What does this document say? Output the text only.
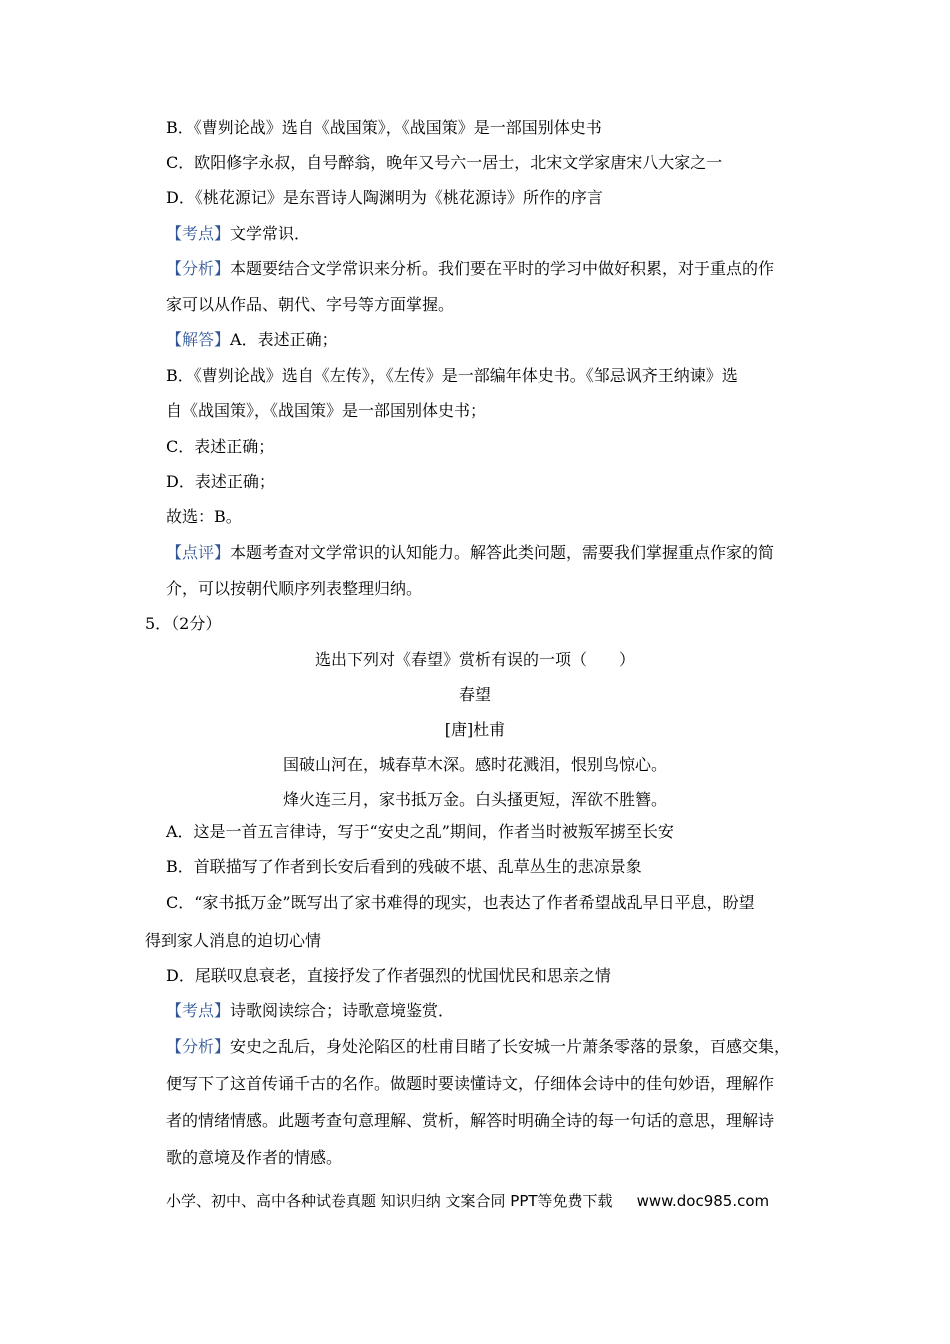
B．《曹刿论战》选自《战国策》，《战国策》是一部国别体史书
C．欧阳修字永叔，自号醉翁，晚年又号六一居士，北宋文学家唐宋八大家之一
D．《桃花源记》是东晋诗人陶渊明为《桃花源诗》所作的序言
【考点】文学常识．
【分析】本题要结合文学常识来分析。我们要在平时的学习中做好积累，对于重点的作
家可以从作品、朝代、字号等方面掌握。
【解答】A．表述正确；
B．《曹刿论战》选自《左传》，《左传》是一部编年体史书。《邹忌讽齐王纳谏》选
自《战国策》，《战国策》是一部国别体史书；
C．表述正确；
D．表述正确；
故选：B。
【点评】本题考查对文学常识的认知能力。解答此类问题，需要我们掌握重点作家的简
介，可以按朝代顺序列表整理归纳。
5．（2分）
选出下列对《春望》赏析有误的一项（　　）
春望
[唐]杜甫
国破山河在，城春草木深。感时花溅泪，恨别鸟惊心。
烽火连三月，家书抵万金。白头搔更短，浑欲不胜簪。
A．这是一首五言律诗，写于“安史之乱”期间，作者当时被叛军掳至长安
B．首联描写了作者到长安后看到的残破不堪、乱草丛生的悲凉景象
C．“家书抵万金”既写出了家书难得的现实，也表达了作者希望战乱早日平息，盼望
得到家人消息的迫切心情
D．尾联叹息衰老，直接抒发了作者强烈的忧国忧民和思亲之情
【考点】诗歌阅读综合；诗歌意境鉴赏．
【分析】安史之乱后，身处沦陷区的杜甫目睹了长安城一片萧条零落的景象，百感交集，
便写下了这首传诵千古的名作。做题时要读懂诗文，仔细体会诗中的佳句妙语，理解作
者的情绪情感。此题考查句意理解、赏析，解答时明确全诗的每一句话的意思，理解诗
歌的意境及作者的情感。
小学、初中、高中各种试卷真题 知识归纳 文案合同 PPT等免费下载 www.doc985.com
